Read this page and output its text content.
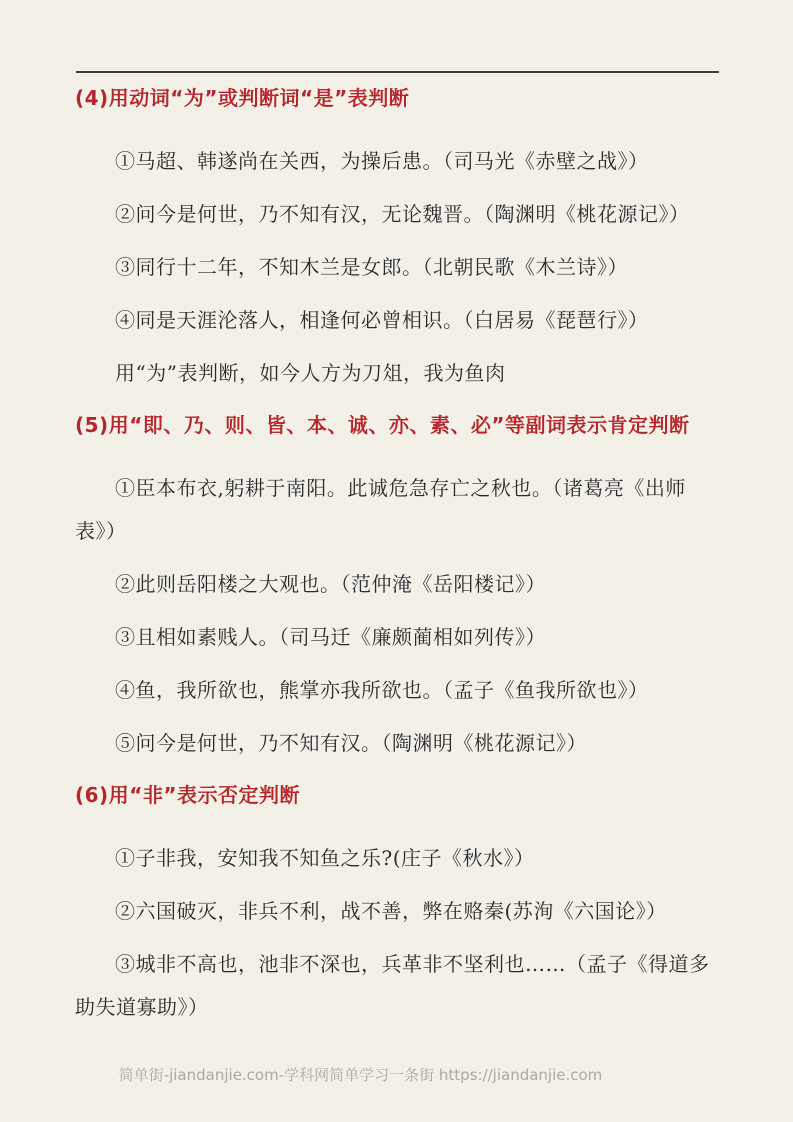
(4)用动词“为”或判断词“是”表判断

①马超、韩遂尚在关西，为操后患。（司马光《赤壁之战》）

②问今是何世，乃不知有汉，无论魏晋。（陶渊明《桃花源记》）

③同行十二年，不知木兰是女郎。（北朝民歌《木兰诗》）

④同是天涯沦落人，相逢何必曾相识。（白居易《琵琶行》）

用“为”表判断，如今人方为刀俎，我为鱼肉

(5)用“即、乃、则、皆、本、诚、亦、素、必”等副词表示肯定判断

①臣本布衣,躬耕于南阳。此诚危急存亡之秋也。（诸葛亮《出师表》）

②此则岳阳楼之大观也。（范仲淹《岳阳楼记》）

③且相如素贱人。（司马迁《廉颇蔺相如列传》）

④鱼，我所欲也，熊掌亦我所欲也。（孟子《鱼我所欲也》）

⑤问今是何世，乃不知有汉。（陶渊明《桃花源记》）

(6)用“非”表示否定判断

①子非我，安知我不知鱼之乐?(庄子《秋水》）

②六国破灭，非兵不利，战不善，弊在赂秦(苏洵《六国论》）

③城非不高也，池非不深也，兵革非不坚利也……（孟子《得道多助失道寡助》）

简单街-jiandanjie.com-学科网简单学习一条街 https://jiandanjie.com
